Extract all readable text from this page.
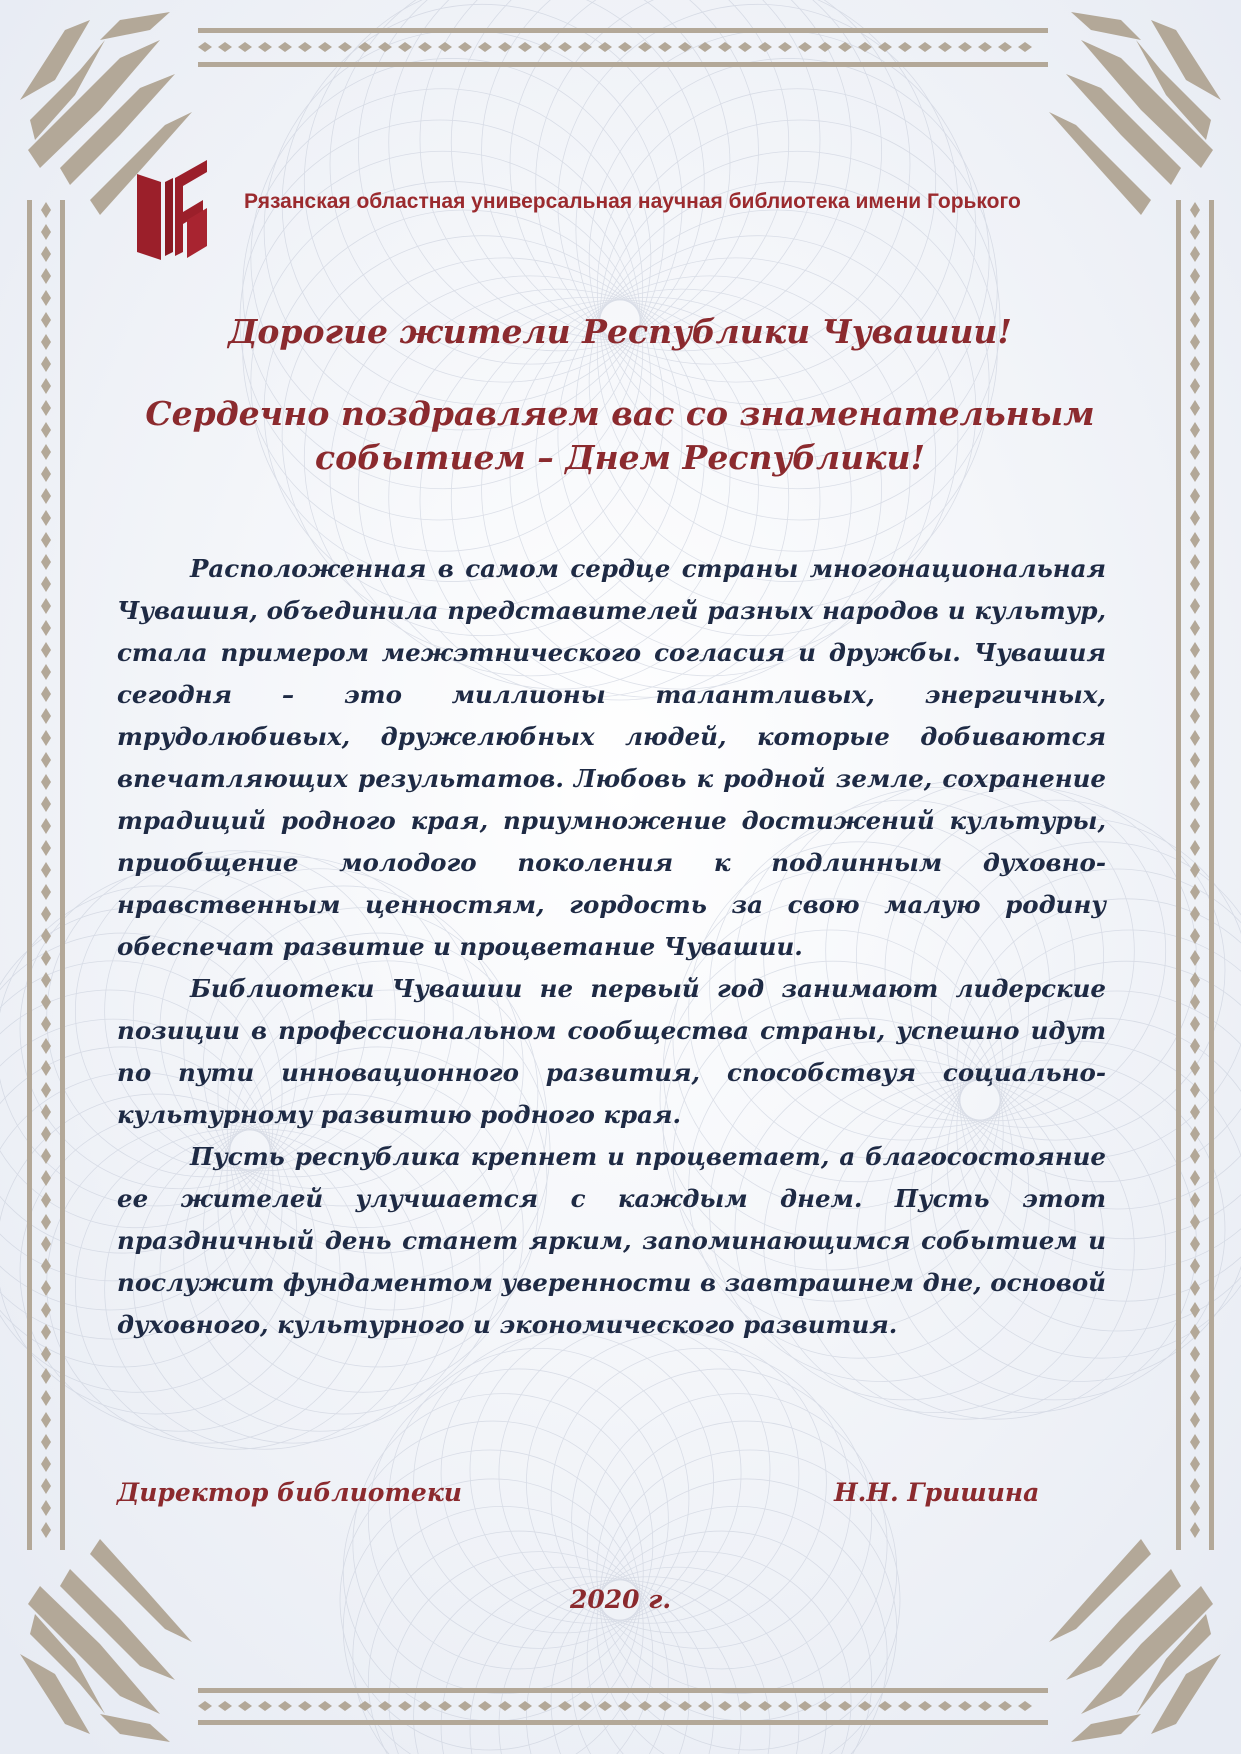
Рязанская областная универсальная научная библиотека имени Горького
Дорогие жители Республики Чувашии!
Сердечно поздравляем вас со знаменательным событием – Днем Республики!

Расположенная в самом сердце страны многонациональная Чувашия, объединила представителей разных народов и культур, стала примером межэтнического согласия и дружбы. Чувашия сегодня – это миллионы талантливых, энергичных, трудолюбивых, дружелюбных людей, которые добиваются впечатляющих результатов. Любовь к родной земле, сохранение традиций родного края, приумножение достижений культуры, приобщение молодого поколения к подлинным духовно-нравственным ценностям, гордость за свою малую родину обеспечат развитие и процветание Чувашии.

Библиотеки Чувашии не первый год занимают лидерские позиции в профессиональном сообщества страны, успешно идут по пути инновационного развития, способствуя социально-культурному развитию родного края.

Пусть республика крепнет и процветает, а благосостояние ее жителей улучшается с каждым днем. Пусть этот праздничный день станет ярким, запоминающимся событием и послужит фундаментом уверенности в завтрашнем дне, основой духовного, культурного и экономического развития.

Директор библиотеки	Н.Н. Гришина
2020 г.
